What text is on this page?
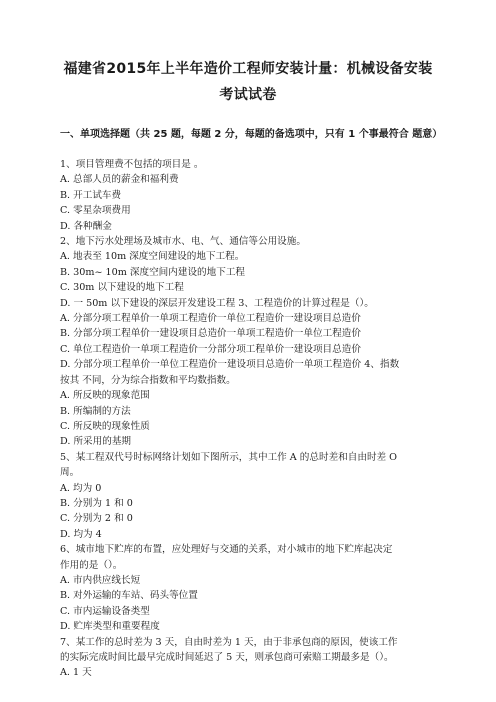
福建省2015年上半年造价工程师安装计量：机械设备安装
考试试卷
一、单项选择题（共 25 题，每题 2 分，每题的备选项中，只有 1 个事最符合 题意）
1、项目管理费不包括的项目是 。
A. 总部人员的薪金和福利费
B. 开工试车费
C. 零星杂项费用
D. 各种酬金
2、地下污水处理场及城市水、电、气、通信等公用设施。
A. 地表至 10m 深度空间建设的地下工程。
B. 30m~ 10m 深度空间内建设的地下工程
C. 30m 以下建设的地下工程
D. 一 50m 以下建设的深层开发建设工程 3、工程造价的计算过程是（）。
A. 分部分项工程单价一单项工程造价一单位工程造价一建设项目总造价
B. 分部分项工程单价一建设项目总造价一单项工程造价一单位工程造价
C. 单位工程造价一单项工程造价一分部分项工程单价一建设项目总造价
D. 分部分项工程单价一单位工程造价一建设项目总造价一单项工程造价 4、指数
按其 不同，分为综合指数和平均数指数。
A. 所反映的现象范围
B. 所编制的方法
C. 所反映的现象性质
D. 所采用的基期
5、某工程双代号时标网络计划如下图所示，其中工作 A 的总时差和自由时差 O
周。
A. 均为 0
B. 分别为 1 和 0
C. 分别为 2 和 0
D. 均为 4
6、城市地下贮库的布置，应处理好与交通的关系，对小城市的地下贮库起决定
作用的是（）。
A. 市内供应线长短
B. 对外运输的车站、码头等位置
C. 市内运输设备类型
D. 贮库类型和重要程度
7、某工作的总时差为 3 天，自由时差为 1 天，由于非承包商的原因，使该工作
的实际完成时间比最早完成时间延迟了 5 天，则承包商可索赔工期最多是（）。
A. 1 天
